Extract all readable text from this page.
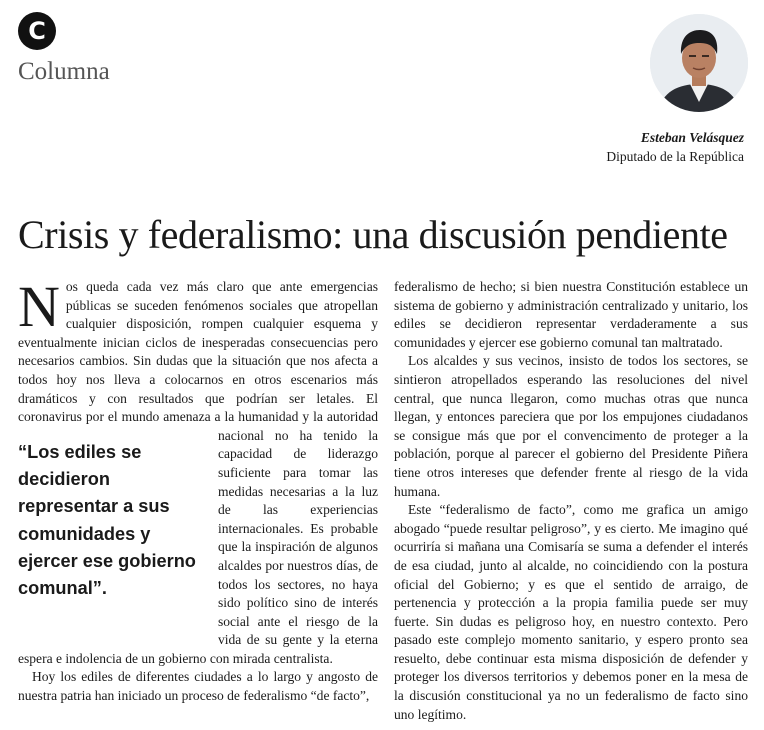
C
Columna
Esteban Velásquez
Diputado de la República
Crisis y federalismo: una discusión pendiente

N os queda cada vez más claro que ante emergencias públicas se suceden fenómenos sociales que atropellan cualquier disposición, rompen cualquier esquema y eventualmente inician ciclos de inesperadas consecuencias pero necesarios cambios. Sin dudas que la situación que nos afecta a todos hoy nos lleva a colocarnos en otros escenarios más dramáticos y con resultados que podrían ser letales. El coronavirus por el mundo amenaza
“Los ediles se decidieron representar a sus comunidades y ejercer ese gobierno comunal”.
a la humanidad y la autoridad nacional no ha tenido la capacidad de liderazgo suficiente para tomar las medidas necesarias a la luz de las experiencias internacionales. Es probable que la inspiración de algunos alcaldes por nuestros días, de todos los sectores, no haya sido político sino de interés social ante el riesgo de la vida de su gente y la eterna espera e indolencia de un gobierno con mirada centralista.

Hoy los ediles de diferentes ciudades a lo largo y angosto de nuestra patria han iniciado un proceso de federalismo “de facto”,

federalismo de hecho; si bien nuestra Constitución establece un sistema de gobierno y administración centralizado y unitario, los ediles se decidieron representar verdaderamente a sus comunidades y ejercer ese gobierno comunal tan maltratado.

Los alcaldes y sus vecinos, insisto de todos los sectores, se sintieron atropellados esperando las resoluciones del nivel central, que nunca llegaron, como muchas otras que nunca llegan, y entonces pareciera que por los empujones ciudadanos se consigue más que por el convencimento de proteger a la población, porque al parecer el gobierno del Presidente Piñera tiene otros intereses que defender frente al riesgo de la vida humana.

Este “federalismo de facto”, como me grafica un amigo abogado “puede resultar peligroso”, y es cierto. Me imagino qué ocurriría si mañana una Comisaría se suma a defender el interés de esa ciudad, junto al alcalde, no coincidiendo con la postura oficial del Gobierno; y es que el sentido de arraigo, de pertenencia y protección a la propia familia puede ser muy fuerte. Sin dudas es peligroso hoy, en nuestro contexto. Pero pasado este complejo momento sanitario, y espero pronto sea resuelto, debe continuar esta misma disposición de defender y proteger los diversos territorios y debemos poner en la mesa de la discusión constitucional ya no un federalismo de facto sino uno legítimo.
